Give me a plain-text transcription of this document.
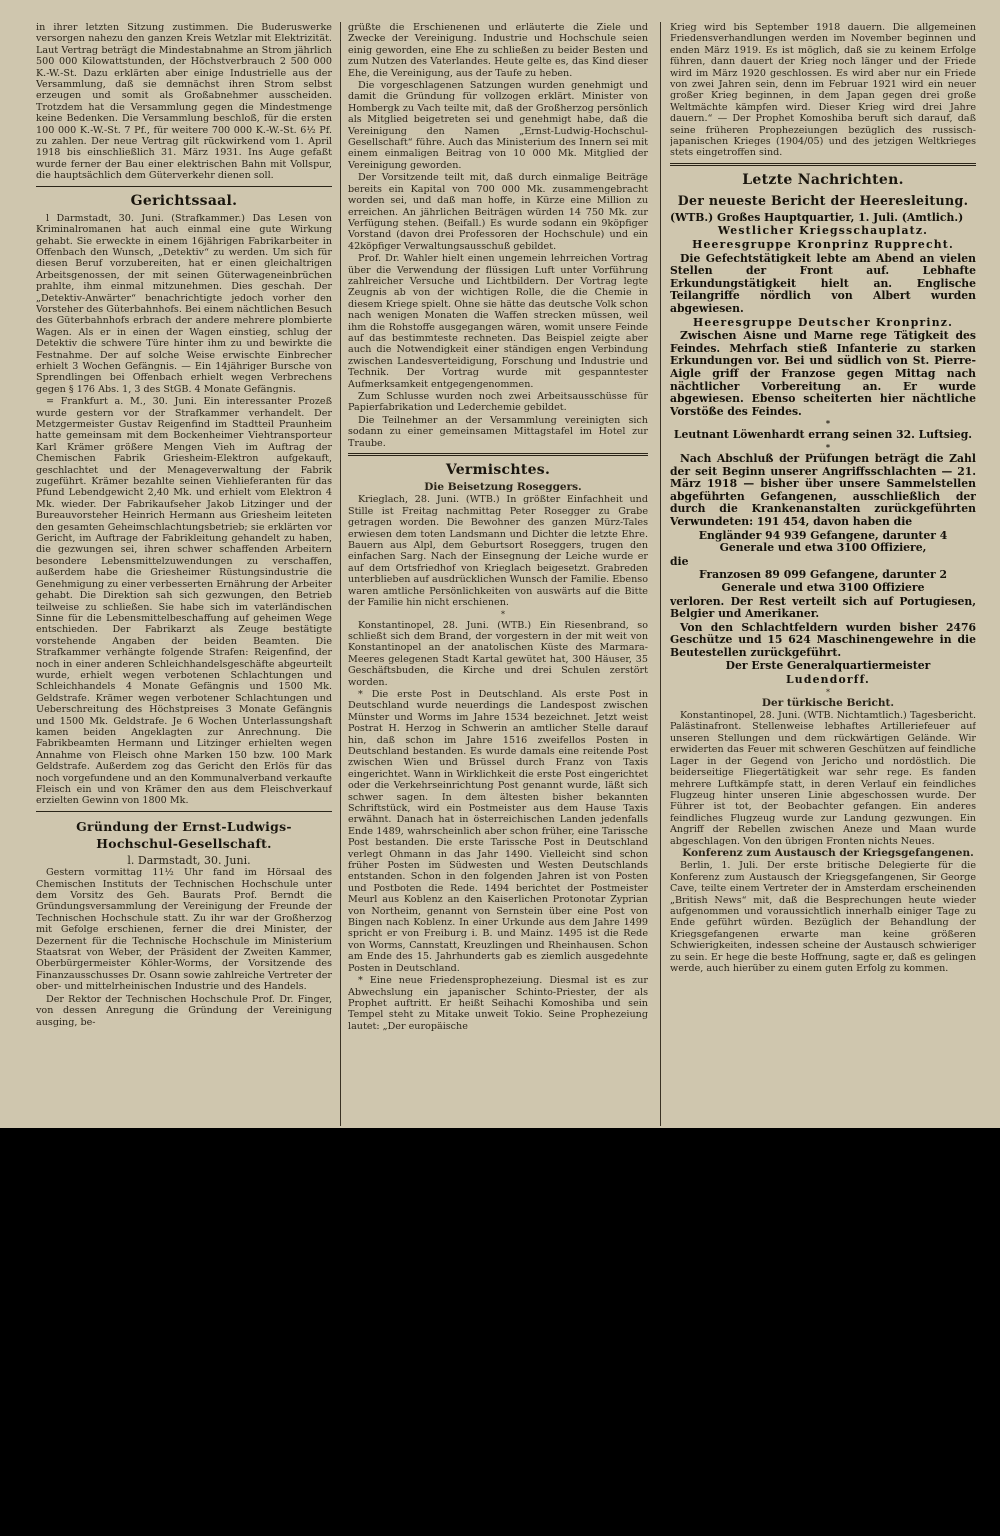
in ihrer letzten Sitzung zustimmen. Die Buderuswerke versorgen nahezu den ganzen Kreis Wetzlar mit Elektrizität. Laut Vertrag beträgt die Mindestabnahme an Strom jährlich 500 000 Kilowattstunden, der Höchstverbrauch 2 500 000 K.-W.-St. Dazu erklärten aber einige Industrielle aus der Versammlung, daß sie demnächst ihren Strom selbst erzeugen und somit als Großabnehmer ausscheiden. Trotzdem hat die Versammlung gegen die Mindestmenge keine Bedenken. Die Versammlung beschloß, für die ersten 100 000 K.-W.-St. 7 Pf., für weitere 700 000 K.-W.-St. 6½ Pf. zu zahlen. Der neue Vertrag gilt rückwirkend vom 1. April 1918 bis einschließlich 31. März 1931. Ins Auge gefaßt wurde ferner der Bau einer elektrischen Bahn mit Vollspur, die hauptsächlich dem Güterverkehr dienen soll.

Gerichtssaal.

l Darmstadt, 30. Juni. (Strafkammer.) Das Lesen von Kriminalromanen hat auch einmal eine gute Wirkung gehabt. Sie erweckte in einem 16jährigen Fabrikarbeiter in Offenbach den Wunsch, „Detektiv“ zu werden. Um sich für diesen Beruf vorzubereiten, hat er einen gleichaltrigen Arbeitsgenossen, der mit seinen Güterwageneinbrüchen prahlte, ihm einmal mitzunehmen. Dies geschah. Der „Detektiv-Anwärter“ benachrichtigte jedoch vorher den Vorsteher des Güterbahnhofs. Bei einem nächtlichen Besuch des Güterbahnhofs erbrach der andere mehrere plombierte Wagen. Als er in einen der Wagen einstieg, schlug der Detektiv die schwere Türe hinter ihm zu und bewirkte die Festnahme. Der auf solche Weise erwischte Einbrecher erhielt 3 Wochen Gefängnis. — Ein 14jähriger Bursche von Sprendlingen bei Offenbach erhielt wegen Verbrechens gegen § 176 Abs. 1, 3 des StGB. 4 Monate Gefängnis.

= Frankfurt a. M., 30. Juni. Ein interessanter Prozeß wurde gestern vor der Strafkammer verhandelt. Der Metzgermeister Gustav Reigenfind im Stadtteil Praunheim hatte gemeinsam mit dem Bockenheimer Viehtransporteur Karl Krämer größere Mengen Vieh im Auftrag der Chemischen Fabrik Griesheim-Elektron aufgekauft, geschlachtet und der Menageverwaltung der Fabrik zugeführt. Krämer bezahlte seinen Viehlieferanten für das Pfund Lebendgewicht 2,40 Mk. und erhielt vom Elektron 4 Mk. wieder. Der Fabrikaufseher Jakob Litzinger und der Bureauvorsteher Heinrich Hermann aus Griesheim leiteten den gesamten Geheimschlachtungsbetrieb; sie erklärten vor Gericht, im Auftrage der Fabrikleitung gehandelt zu haben, die gezwungen sei, ihren schwer schaffenden Arbeitern besondere Lebensmittelzuwendungen zu verschaffen, außerdem habe die Griesheimer Rüstungsindustrie die Genehmigung zu einer verbesserten Ernährung der Arbeiter gehabt. Die Direktion sah sich gezwungen, den Betrieb teilweise zu schließen. Sie habe sich im vaterländischen Sinne für die Lebensmittelbeschaffung auf geheimen Wege entschieden. Der Fabrikarzt als Zeuge bestätigte vorstehende Angaben der beiden Beamten. Die Strafkammer verhängte folgende Strafen: Reigenfind, der noch in einer anderen Schleichhandelsgeschäfte abgeurteilt wurde, erhielt wegen verbotenen Schlachtungen und Schleichhandels 4 Monate Gefängnis und 1500 Mk. Geldstrafe. Krämer wegen verbotener Schlachtungen und Ueberschreitung des Höchstpreises 3 Monate Gefängnis und 1500 Mk. Geldstrafe. Je 6 Wochen Unterlassungshaft kamen beiden Angeklagten zur Anrechnung. Die Fabrikbeamten Hermann und Litzinger erhielten wegen Annahme von Fleisch ohne Marken 150 bzw. 100 Mark Geldstrafe. Außerdem zog das Gericht den Erlös für das noch vorgefundene und an den Kommunalverband verkaufte Fleisch ein und von Krämer den aus dem Fleischverkauf erzielten Gewinn von 1800 Mk.

Gründung der Ernst-Ludwigs-Hochschul-Gesellschaft.

l. Darmstadt, 30. Juni.

Gestern vormittag 11½ Uhr fand im Hörsaal des Chemischen Instituts der Technischen Hochschule unter dem Vorsitz des Geh. Baurats Prof. Berndt die Gründungsversammlung der Vereinigung der Freunde der Technischen Hochschule statt. Zu ihr war der Großherzog mit Gefolge erschienen, ferner die drei Minister, der Dezernent für die Technische Hochschule im Ministerium Staatsrat von Weber, der Präsident der Zweiten Kammer, Oberbürgermeister Köhler-Worms, der Vorsitzende des Finanzausschusses Dr. Osann sowie zahlreiche Vertreter der ober- und mittelrheinischen Industrie und des Handels.

Der Rektor der Technischen Hochschule Prof. Dr. Finger, von dessen Anregung die Gründung der Vereinigung ausging, be-

grüßte die Erschienenen und erläuterte die Ziele und Zwecke der Vereinigung. Industrie und Hochschule seien einig geworden, eine Ehe zu schließen zu beider Besten und zum Nutzen des Vaterlandes. Heute gelte es, das Kind dieser Ehe, die Vereinigung, aus der Taufe zu heben.

Die vorgeschlagenen Satzungen wurden genehmigt und damit die Gründung für vollzogen erklärt. Minister von Hombergk zu Vach teilte mit, daß der Großherzog persönlich als Mitglied beigetreten sei und genehmigt habe, daß die Vereinigung den Namen „Ernst-Ludwig-Hochschul-Gesellschaft“ führe. Auch das Ministerium des Innern sei mit einem einmaligen Beitrag von 10 000 Mk. Mitglied der Vereinigung geworden.

Der Vorsitzende teilt mit, daß durch einmalige Beiträge bereits ein Kapital von 700 000 Mk. zusammengebracht worden sei, und daß man hoffe, in Kürze eine Million zu erreichen. An jährlichen Beiträgen würden 14 750 Mk. zur Verfügung stehen. (Beifall.) Es wurde sodann ein 9köpfiger Vorstand (davon drei Professoren der Hochschule) und ein 42köpfiger Verwaltungsausschuß gebildet.

Prof. Dr. Wahler hielt einen ungemein lehrreichen Vortrag über die Verwendung der flüssigen Luft unter Vorführung zahlreicher Versuche und Lichtbildern. Der Vortrag legte Zeugnis ab von der wichtigen Rolle, die die Chemie in diesem Kriege spielt. Ohne sie hätte das deutsche Volk schon nach wenigen Monaten die Waffen strecken müssen, weil ihm die Rohstoffe ausgegangen wären, womit unsere Feinde auf das bestimmteste rechneten. Das Beispiel zeigte aber auch die Notwendigkeit einer ständigen engen Verbindung zwischen Landesverteidigung, Forschung und Industrie und Technik. Der Vortrag wurde mit gespanntester Aufmerksamkeit entgegengenommen.

Zum Schlusse wurden noch zwei Arbeitsausschüsse für Papierfabrikation und Lederchemie gebildet.

Die Teilnehmer an der Versammlung vereinigten sich sodann zu einer gemeinsamen Mittagstafel im Hotel zur Traube.

Vermischtes.

Die Beisetzung Roseggers.

Krieglach, 28. Juni. (WTB.) In größter Einfachheit und Stille ist Freitag nachmittag Peter Rosegger zu Grabe getragen worden. Die Bewohner des ganzen Mürz-Tales erwiesen dem toten Landsmann und Dichter die letzte Ehre. Bauern aus Alpl, dem Geburtsort Roseggers, trugen den einfachen Sarg. Nach der Einsegnung der Leiche wurde er auf dem Ortsfriedhof von Krieglach beigesetzt. Grabreden unterblieben auf ausdrücklichen Wunsch der Familie. Ebenso waren amtliche Persönlichkeiten von auswärts auf die Bitte der Familie hin nicht erschienen.

*

Konstantinopel, 28. Juni. (WTB.) Ein Riesenbrand, so schließt sich dem Brand, der vorgestern in der mit weit von Konstantinopel an der anatolischen Küste des Marmara-Meeres gelegenen Stadt Kartal gewütet hat, 300 Häuser, 35 Geschäftsbuden, die Kirche und drei Schulen zerstört worden.

* Die erste Post in Deutschland. Als erste Post in Deutschland wurde neuerdings die Landespost zwischen Münster und Worms im Jahre 1534 bezeichnet. Jetzt weist Postrat H. Herzog in Schwerin an amtlicher Stelle darauf hin, daß schon im Jahre 1516 zweifellos Posten in Deutschland bestanden. Es wurde damals eine reitende Post zwischen Wien und Brüssel durch Franz von Taxis eingerichtet. Wann in Wirklichkeit die erste Post eingerichtet oder die Verkehrseinrichtung Post genannt wurde, läßt sich schwer sagen. In dem ältesten bisher bekannten Schriftstück, wird ein Postmeister aus dem Hause Taxis erwähnt. Danach hat in österreichischen Landen jedenfalls Ende 1489, wahrscheinlich aber schon früher, eine Tarissche Post bestanden. Die erste Tarissche Post in Deutschland verlegt Ohmann in das Jahr 1490. Vielleicht sind schon früher Posten im Südwesten und Westen Deutschlands entstanden. Schon in den folgenden Jahren ist von Posten und Postboten die Rede. 1494 berichtet der Postmeister Meurl aus Koblenz an den Kaiserlichen Protonotar Zyprian von Northeim, genannt von Sernstein über eine Post von Bingen nach Koblenz. In einer Urkunde aus dem Jahre 1499 spricht er von Freiburg i. B. und Mainz. 1495 ist die Rede von Worms, Cannstatt, Kreuzlingen und Rheinhausen. Schon am Ende des 15. Jahrhunderts gab es ziemlich ausgedehnte Posten in Deutschland.

* Eine neue Friedensprophezeiung. Diesmal ist es zur Abwechslung ein japanischer Schinto-Priester, der als Prophet auftritt. Er heißt Seihachi Komoshiba und sein Tempel steht zu Mitake unweit Tokio. Seine Prophezeiung lautet: „Der europäische

Krieg wird bis September 1918 dauern. Die allgemeinen Friedensverhandlungen werden im November beginnen und enden März 1919. Es ist möglich, daß sie zu keinem Erfolge führen, dann dauert der Krieg noch länger und der Friede wird im März 1920 geschlossen. Es wird aber nur ein Friede von zwei Jahren sein, denn im Februar 1921 wird ein neuer großer Krieg beginnen, in dem Japan gegen drei große Weltmächte kämpfen wird. Dieser Krieg wird drei Jahre dauern.“ — Der Prophet Komoshiba beruft sich darauf, daß seine früheren Prophezeiungen bezüglich des russisch-japanischen Krieges (1904/05) und des jetzigen Weltkrieges stets eingetroffen sind.

Letzte Nachrichten.
Der neueste Bericht der Heeresleitung.

(WTB.) Großes Hauptquartier, 1. Juli. (Amtlich.)

Westlicher Kriegsschauplatz.

Heeresgruppe Kronprinz Rupprecht.

Die Gefechtstätigkeit lebte am Abend an vielen Stellen der Front auf. Lebhafte Erkundungstätigkeit hielt an. Englische Teilangriffe nördlich von Albert wurden abgewiesen.

Heeresgruppe Deutscher Kronprinz.

Zwischen Aisne und Marne rege Tätigkeit des Feindes. Mehrfach stieß Infanterie zu starken Erkundungen vor. Bei und südlich von St. Pierre-Aigle griff der Franzose gegen Mittag nach nächtlicher Vorbereitung an. Er wurde abgewiesen. Ebenso scheiterten hier nächtliche Vorstöße des Feindes.

*

Leutnant Löwenhardt errang seinen 32. Luftsieg.

*

Nach Abschluß der Prüfungen beträgt die Zahl der seit Beginn unserer Angriffsschlachten — 21. März 1918 — bisher über unsere Sammelstellen abgeführten Gefangenen, ausschließlich der durch die Krankenanstalten zurückgeführten Verwundeten: 191 454, davon haben die

Engländer 94 939 Gefangene, darunter 4 Generale und etwa 3100 Offiziere,

die

Franzosen 89 099 Gefangene, darunter 2 Generale und etwa 3100 Offiziere

verloren. Der Rest verteilt sich auf Portugiesen, Belgier und Amerikaner.

Von den Schlachtfeldern wurden bisher 2476 Geschütze und 15 624 Maschinengewehre in die Beutestellen zurückgeführt.

Der Erste Generalquartiermeister

Ludendorff.

*

Der türkische Bericht.

Konstantinopel, 28. Juni. (WTB. Nichtamtlich.) Tagesbericht. Palästinafront. Stellenweise lebhaftes Artilleriefeuer auf unseren Stellungen und dem rückwärtigen Gelände. Wir erwiderten das Feuer mit schweren Geschützen auf feindliche Lager in der Gegend von Jericho und nordöstlich. Die beiderseitige Fliegertätigkeit war sehr rege. Es fanden mehrere Luftkämpfe statt, in deren Verlauf ein feindliches Flugzeug hinter unseren Linie abgeschossen wurde. Der Führer ist tot, der Beobachter gefangen. Ein anderes feindliches Flugzeug wurde zur Landung gezwungen. Ein Angriff der Rebellen zwischen Aneze und Maan wurde abgeschlagen. Von den übrigen Fronten nichts Neues.

Konferenz zum Austausch der Kriegsgefangenen.

Berlin, 1. Juli. Der erste britische Delegierte für die Konferenz zum Austausch der Kriegsgefangenen, Sir George Cave, teilte einem Vertreter der in Amsterdam erscheinenden „British News“ mit, daß die Besprechungen heute wieder aufgenommen und voraussichtlich innerhalb einiger Tage zu Ende geführt würden. Bezüglich der Behandlung der Kriegsgefangenen erwarte man keine größeren Schwierigkeiten, indessen scheine der Austausch schwieriger zu sein. Er hege die beste Hoffnung, sagte er, daß es gelingen werde, auch hierüber zu einem guten Erfolg zu kommen.
